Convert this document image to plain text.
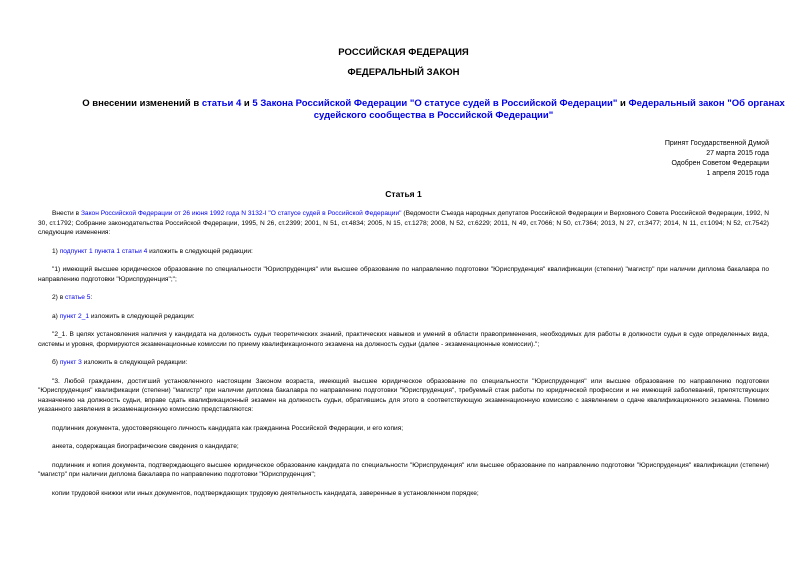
РОССИЙСКАЯ ФЕДЕРАЦИЯ
ФЕДЕРАЛЬНЫЙ ЗАКОН
О внесении изменений в статьи 4 и 5 Закона Российской Федерации "О статусе судей в Российской Федерации" и Федеральный закон "Об органах судейского сообщества в Российской Федерации"
Принят Государственной Думой
27 марта 2015 года
Одобрен Советом Федерации
1 апреля 2015 года
Статья 1

Внести в Закон Российской Федерации от 26 июня 1992 года N 3132-I "О статусе судей в Российской Федерации" (Ведомости Съезда народных депутатов Российской Федерации и Верховного Совета Российской Федерации, 1992, N 30, ст.1792; Собрание законодательства Российской Федерации, 1995, N 26, ст.2399; 2001, N 51, ст.4834; 2005, N 15, ст.1278; 2008, N 52, ст.6229; 2011, N 49, ст.7066; N 50, ст.7364; 2013, N 27, ст.3477; 2014, N 11, ст.1094; N 52, ст.7542) следующие изменения:

1) подпункт 1 пункта 1 статьи 4 изложить в следующей редакции:

"1) имеющий высшее юридическое образование по специальности "Юриспруденция" или высшее образование по направлению подготовки "Юриспруденция" квалификации (степени) "магистр" при наличии диплома бакалавра по направлению подготовки "Юриспруденция";";

2) в статье 5:

а) пункт 2_1 изложить в следующей редакции:

"2_1. В целях установления наличия у кандидата на должность судьи теоретических знаний, практических навыков и умений в области правоприменения, необходимых для работы в должности судьи в суде определенных вида, системы и уровня, формируются экзаменационные комиссии по приему квалификационного экзамена на должность судьи (далее - экзаменационные комиссии).";

б) пункт 3 изложить в следующей редакции:

"3. Любой гражданин, достигший установленного настоящим Законом возраста, имеющий высшее юридическое образование по специальности "Юриспруденция" или высшее образование по направлению подготовки "Юриспруденция" квалификации (степени) "магистр" при наличии диплома бакалавра по направлению подготовки "Юриспруденция", требуемый стаж работы по юридической профессии и не имеющий заболеваний, препятствующих назначению на должность судьи, вправе сдать квалификационный экзамен на должность судьи, обратившись для этого в соответствующую экзаменационную комиссию с заявлением о сдаче квалификационного экзамена. Помимо указанного заявления в экзаменационную комиссию представляются:

подлинник документа, удостоверяющего личность кандидата как гражданина Российской Федерации, и его копия;

анкета, содержащая биографические сведения о кандидате;

подлинник и копия документа, подтверждающего высшее юридическое образование кандидата по специальности "Юриспруденция" или высшее образование по направлению подготовки "Юриспруденция" квалификации (степени) "магистр" при наличии диплома бакалавра по направлению подготовки "Юриспруденция";

копии трудовой книжки или иных документов, подтверждающих трудовую деятельность кандидата, заверенные в установленном порядке;
